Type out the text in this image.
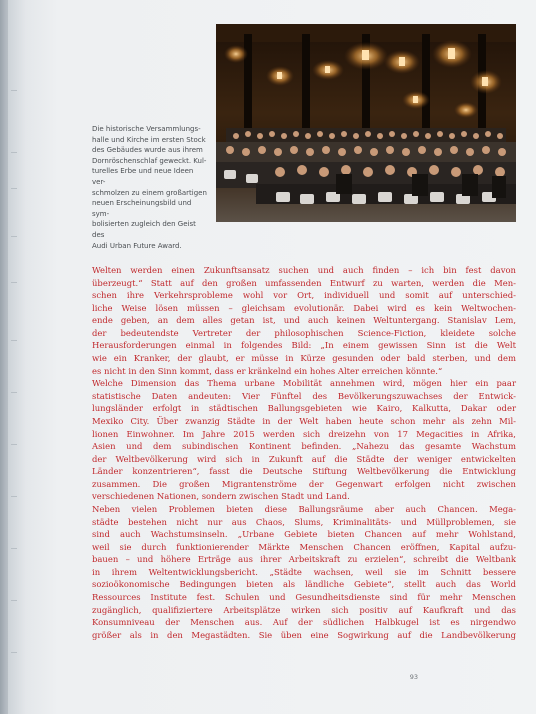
Die historische Versammlungs-
halle und Kirche im ersten Stock
des Gebäudes wurde aus ihrem
Dornröschenschlaf geweckt. Kul-
turelles Erbe und neue Ideen ver-
schmolzen zu einem großartigen
neuen Erscheinungsbild und sym-
bolisierten zugleich den Geist des
Audi Urban Future Award.
Welten werden einen Zukunftsansatz suchen und auch finden – ich bin fest davon
überzeugt.“ Statt auf den großen umfassenden Entwurf zu warten, werden die Men-
schen ihre Verkehrsprobleme wohl vor Ort, individuell und somit auf unterschied-
liche Weise lösen müssen – gleichsam evolutionär. Dabei wird es kein Weltwochen-
ende geben, an dem alles getan ist, und auch keinen Weltuntergang. Stanislav Lem,
der bedeutendste Vertreter der philosophischen Science-Fiction, kleidete solche
Herausforderungen einmal in folgendes Bild: „In einem gewissen Sinn ist die Welt
wie ein Kranker, der glaubt, er müsse in Kürze gesunden oder bald sterben, und dem
es nicht in den Sinn kommt, dass er kränkelnd ein hohes Alter erreichen könnte.“
Welche Dimension das Thema urbane Mobilität annehmen wird, mögen hier ein paar
statistische Daten andeuten: Vier Fünftel des Bevölkerungszuwachses der Entwick-
lungsländer erfolgt in städtischen Ballungsgebieten wie Kairo, Kalkutta, Dakar oder
Mexiko City. Über zwanzig Städte in der Welt haben heute schon mehr als zehn Mil-
lionen Einwohner. Im Jahre 2015 werden sich dreizehn von 17 Megacities in Afrika,
Asien und dem subindischen Kontinent befinden. „Nahezu das gesamte Wachstum
der Weltbevölkerung wird sich in Zukunft auf die Städte der weniger entwickelten
Länder konzentrieren“, fasst die Deutsche Stiftung Weltbevölkerung die Entwicklung
zusammen. Die großen Migrantenströme der Gegenwart erfolgen nicht zwischen
verschiedenen Nationen, sondern zwischen Stadt und Land.
Neben vielen Problemen bieten diese Ballungsräume aber auch Chancen. Mega-
städte bestehen nicht nur aus Chaos, Slums, Kriminalitäts- und Müllproblemen, sie
sind auch Wachstumsinseln. „Urbane Gebiete bieten Chancen auf mehr Wohlstand,
weil sie durch funktionierender Märkte Menschen Chancen eröffnen, Kapital aufzu-
bauen – und höhere Erträge aus ihrer Arbeitskraft zu erzielen“, schreibt die Weltbank
in ihrem Weltentwicklungsbericht. „Städte wachsen, weil sie im Schnitt bessere
sozioökonomische Bedingungen bieten als ländliche Gebiete“, stellt auch das World
Ressources Institute fest. Schulen und Gesundheitsdienste sind für mehr Menschen
zugänglich, qualifiziertere Arbeitsplätze wirken sich positiv auf Kaufkraft und das
Konsumniveau der Menschen aus. Auf der südlichen Halbkugel ist es nirgendwo
größer als in den Megastädten. Sie üben eine Sogwirkung auf die Landbevölkerung
93
